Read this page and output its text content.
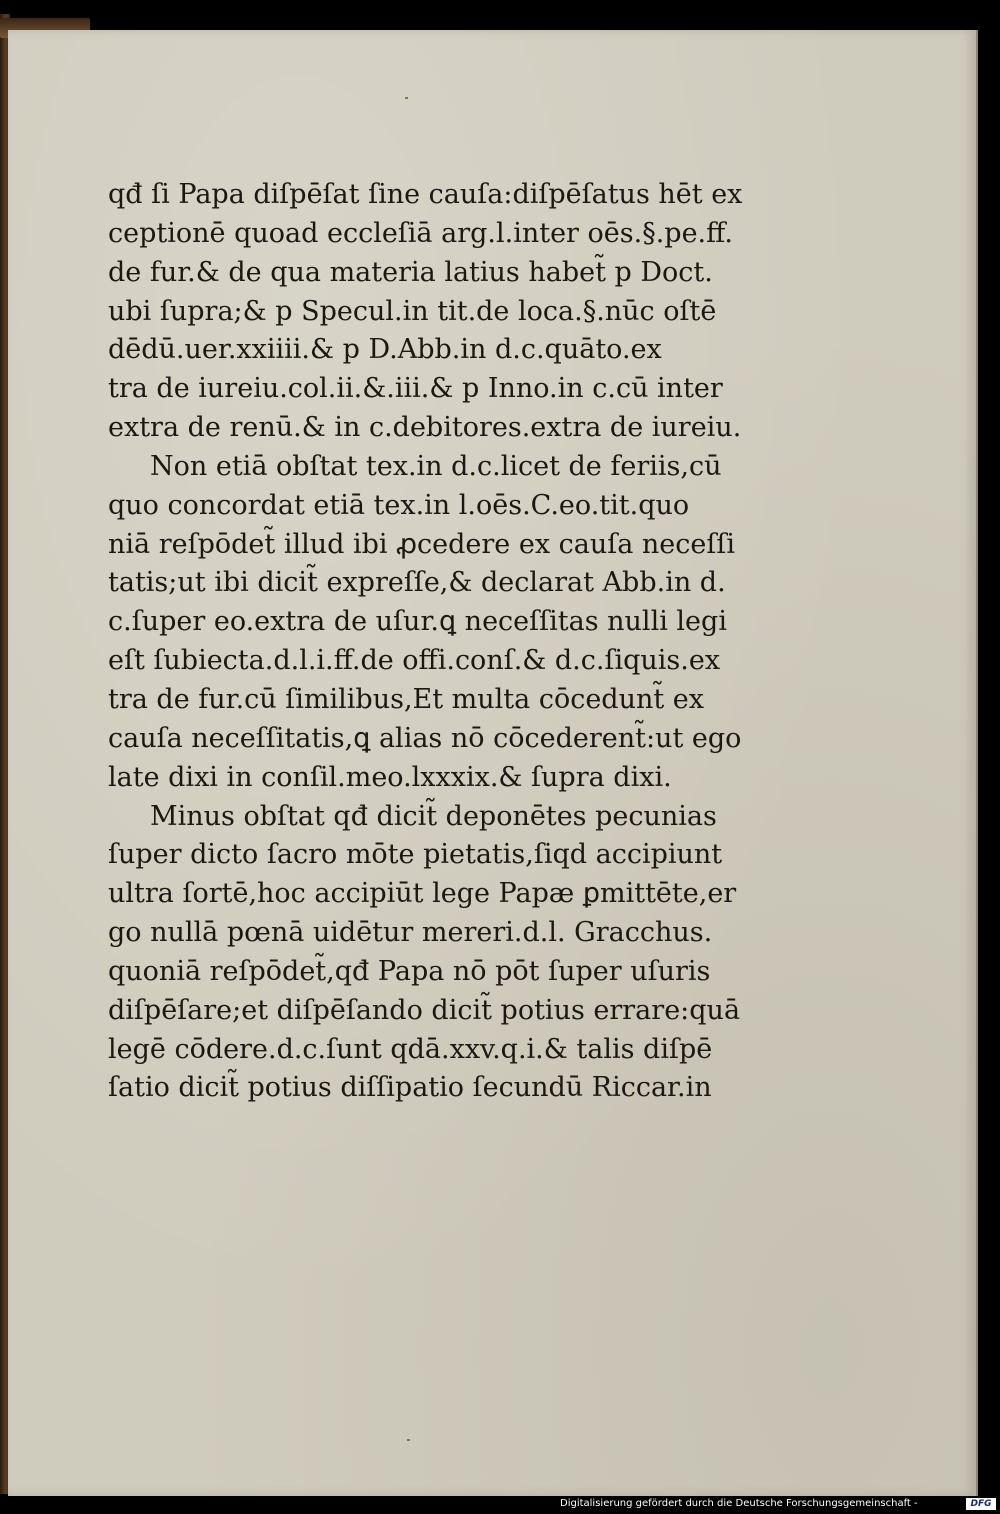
qđ ſi Papa diſpēſat ſine cauſa:diſpēſatus hēt ex
ceptionē quoad eccleſiā arg.l.inter oēs.§.pe.ff.
de fur.& de qua materia latius habet̃ p Doct.
ubi ſupra;& p Specul.in tit.de loca.§.nūc oſtē
dēdū.uer.xxiiii.& p D.Abb.in d.c.quāto.ex
tra de iureiu.col.ii.&.iii.& p Inno.in c.cū inter
extra de renū.& in c.debitores.extra de iureiu.
Non etiā obſtat tex.in d.c.licet de feriis,cū
quo concordat etiā tex.in l.oēs.C.eo.tit.quo
niā reſpōdet̃ illud ibi ꝓcedere ex cauſa neceſſi
tatis;ut ibi dicit̃ expreſſe,& declarat Abb.in d.
c.ſuper eo.extra de uſur.ꝗ neceſſitas nulli legi
eſt ſubiecta.d.l.i.ff.de offi.conſ.& d.c.ſiquis.ex
tra de fur.cū ſimilibus,Et multa cōcedunt̃ ex
cauſa neceſſitatis,ꝗ alias nō cōcederent̃:ut ego
late dixi in conſil.meo.lxxxix.& ſupra dixi.
Minus obſtat qđ dicit̃ deponētes pecunias
ſuper dicto ſacro mōte pietatis,ſiqd accipiunt
ultra ſortē,hoc accipiūt lege Papæ ꝑmittēte,er
go nullā pœnā uidētur mereri.d.l. Gracchus.
quoniā reſpōdet̃,qđ Papa nō pōt ſuper uſuris
diſpēſare;et diſpēſando dicit̃ potius errare:quā
legē cōdere.d.c.ſunt qdā.xxv.q.i.& talis diſpē
ſatio dicit̃ potius diſſipatio ſecundū Riccar.in
Digitalisierung gefördert durch die Deutsche Forschungsgemeinschaft -	DFG
